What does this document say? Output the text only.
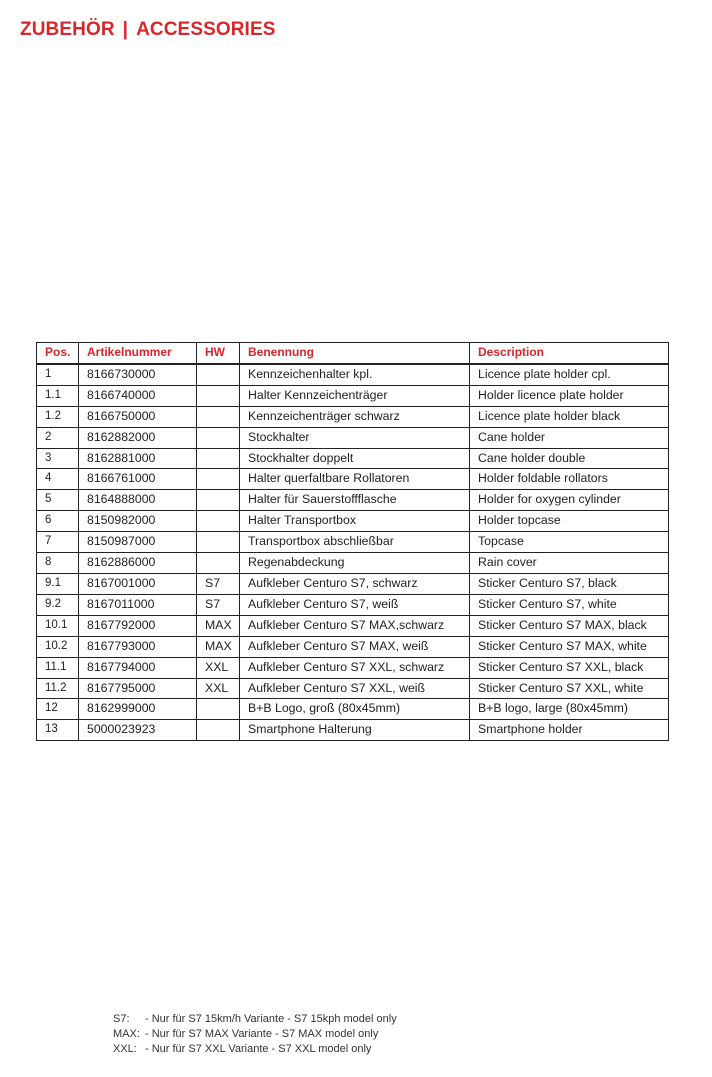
ZUBEHÖR | ACCESSORIES
Pos.	Artikelnummer	HW	Benennung	Description
1	8166730000		Kennzeichenhalter kpl.	Licence plate holder cpl.
1.1	8166740000		Halter Kennzeichenträger	Holder licence plate holder
1.2	8166750000		Kennzeichenträger schwarz	Licence plate holder black
2	8162882000		Stockhalter	Cane holder
3	8162881000		Stockhalter doppelt	Cane holder double
4	8166761000		Halter querfaltbare Rollatoren	Holder foldable rollators
5	8164888000		Halter für Sauerstoffflasche	Holder for oxygen cylinder
6	8150982000		Halter Transportbox	Holder topcase
7	8150987000		Transportbox abschließbar	Topcase
8	8162886000		Regenabdeckung	Rain cover
9.1	8167001000	S7	Aufkleber Centuro S7, schwarz	Sticker Centuro S7, black
9.2	8167011000	S7	Aufkleber Centuro S7, weiß	Sticker Centuro S7, white
10.1	8167792000	MAX	Aufkleber Centuro S7 MAX,schwarz	Sticker Centuro S7 MAX, black
10.2	8167793000	MAX	Aufkleber Centuro S7 MAX, weiß	Sticker Centuro S7 MAX, white
11.1	8167794000	XXL	Aufkleber Centuro S7 XXL, schwarz	Sticker Centuro S7 XXL, black
11.2	8167795000	XXL	Aufkleber Centuro S7 XXL, weiß	Sticker Centuro S7 XXL, white
12	8162999000		B+B Logo, groß (80x45mm)	B+B logo, large (80x45mm)
13	5000023923		Smartphone Halterung	Smartphone holder
S7: - Nur für S7 15km/h Variante - S7 15kph model only
MAX: - Nur für S7 MAX Variante - S7 MAX model only
XXL: - Nur für S7 XXL Variante - S7 XXL model only
